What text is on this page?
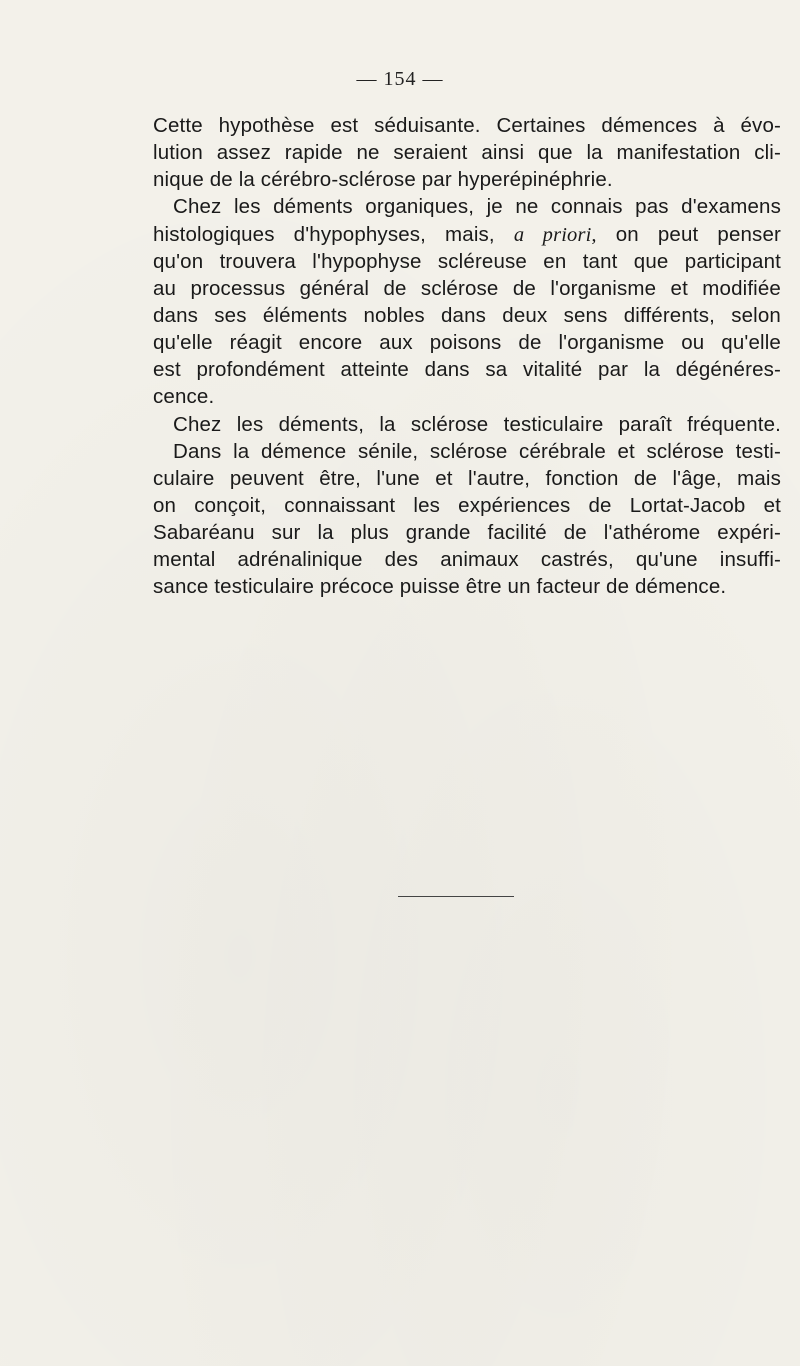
— 154 —
Cette hypothèse est séduisante. Certaines démences à évo-
lution assez rapide ne seraient ainsi que la manifestation cli-
nique de la cérébro-sclérose par hyperépinéphrie.
Chez les déments organiques, je ne connais pas d'examens
histologiques d'hypophyses, mais, a priori, on peut penser
qu'on trouvera l'hypophyse scléreuse en tant que participant
au processus général de sclérose de l'organisme et modifiée
dans ses éléments nobles dans deux sens différents, selon
qu'elle réagit encore aux poisons de l'organisme ou qu'elle
est profondément atteinte dans sa vitalité par la dégénéres-
cence.
Chez les déments, la sclérose testiculaire paraît fréquente.
Dans la démence sénile, sclérose cérébrale et sclérose testi-
culaire peuvent être, l'une et l'autre, fonction de l'âge, mais
on conçoit, connaissant les expériences de Lortat-Jacob et
Sabaréanu sur la plus grande facilité de l'athérome expéri-
mental adrénalinique des animaux castrés, qu'une insuffi-
sance testiculaire précoce puisse être un facteur de démence.
